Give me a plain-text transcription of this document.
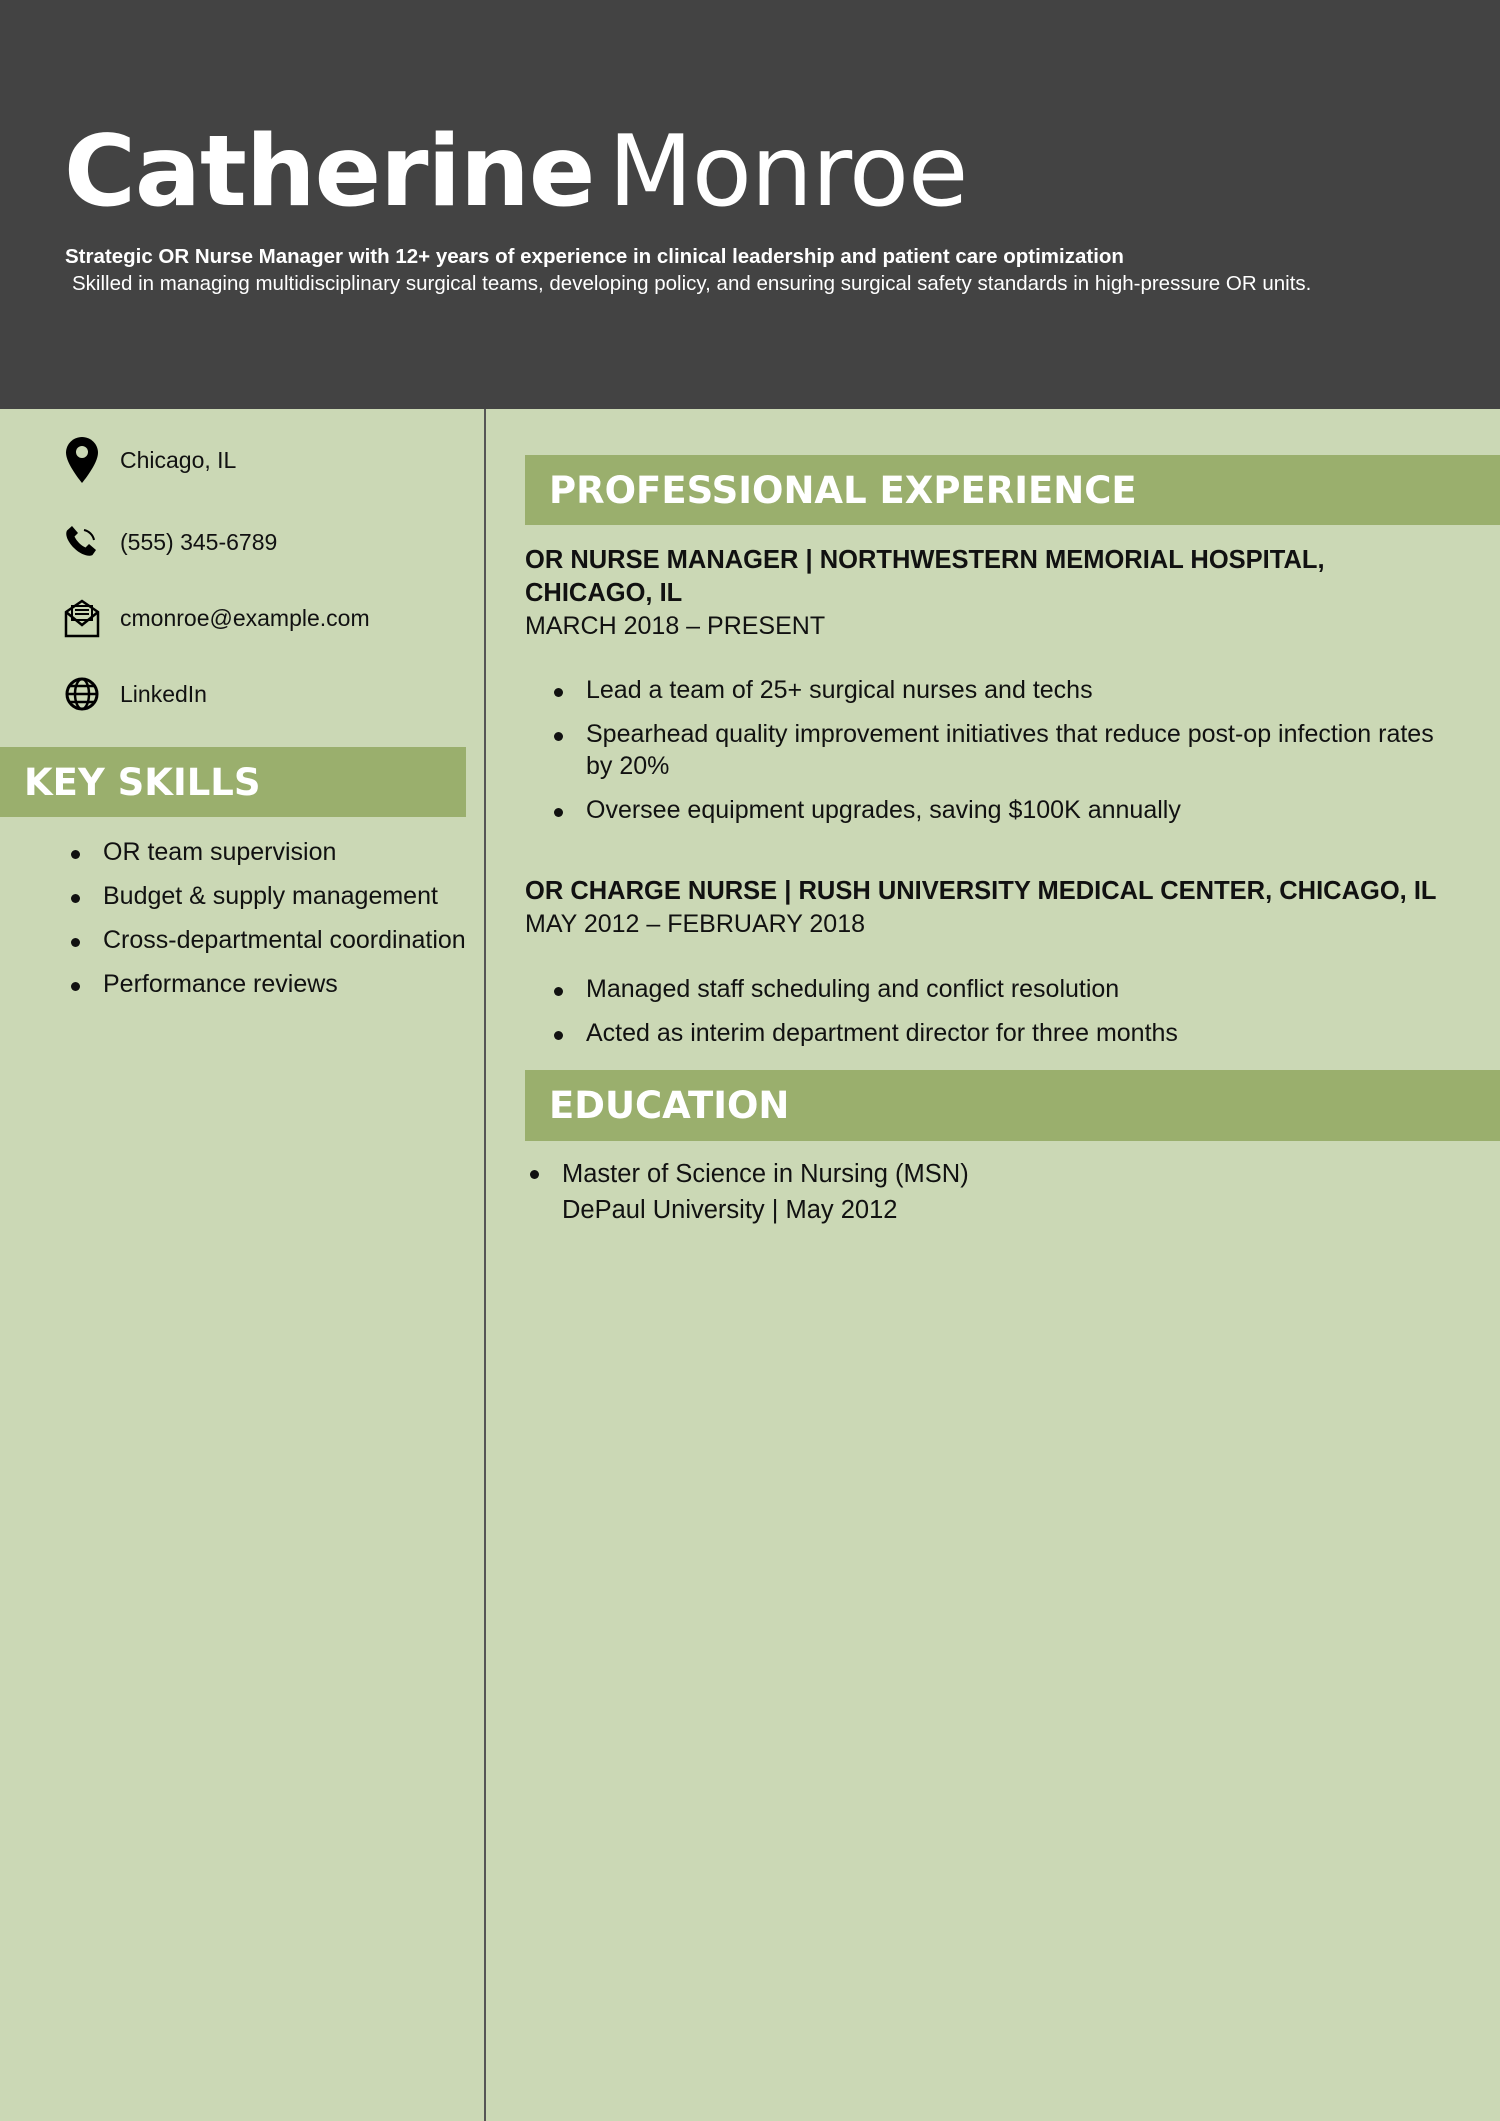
Catherine Monroe

Strategic OR Nurse Manager with 12+ years of experience in clinical leadership and patient care optimization

Skilled in managing multidisciplinary surgical teams, developing policy, and ensuring surgical safety standards in high-pressure OR units.

Chicago, IL
(555) 345-6789
cmonroe@example.com
LinkedIn
KEY SKILLS
OR team supervision
Budget & supply management
Cross-departmental coordination
Performance reviews
PROFESSIONAL EXPERIENCE

OR NURSE MANAGER | NORTHWESTERN MEMORIAL HOSPITAL, CHICAGO, IL

MARCH 2018 – PRESENT

Lead a team of 25+ surgical nurses and techs
Spearhead quality improvement initiatives that reduce post-op infection rates by 20%
Oversee equipment upgrades, saving $100K annually

OR CHARGE NURSE | RUSH UNIVERSITY MEDICAL CENTER, CHICAGO, IL

MAY 2012 – FEBRUARY 2018

Managed staff scheduling and conflict resolution
Acted as interim department director for three months
EDUCATION
Master of Science in Nursing (MSN)
DePaul University | May 2012
